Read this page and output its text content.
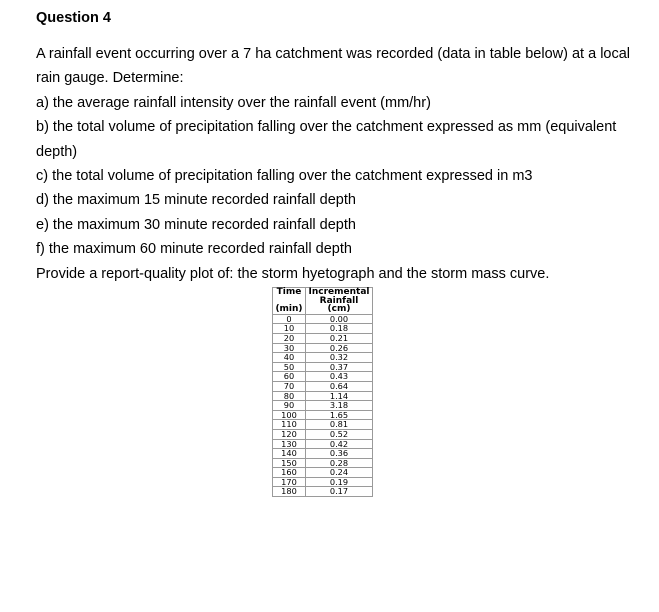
Question 4
A rainfall event occurring over a 7 ha catchment was recorded (data in table below) at a local
rain gauge. Determine:
a) the average rainfall intensity over the rainfall event (mm/hr)
b) the total volume of precipitation falling over the catchment expressed as mm (equivalent
depth)
c) the total volume of precipitation falling over the catchment expressed in m3
d) the maximum 15 minute recorded rainfall depth
e) the maximum 30 minute recorded rainfall depth
f) the maximum 60 minute recorded rainfall depth
Provide a report-quality plot of: the storm hyetograph and the storm mass curve.
Time	Incremental
	Rainfall
(min)	(cm)
0	0.00
10	0.18
20	0.21
30	0.26
40	0.32
50	0.37
60	0.43
70	0.64
80	1.14
90	3.18
100	1.65
110	0.81
120	0.52
130	0.42
140	0.36
150	0.28
160	0.24
170	0.19
180	0.17
